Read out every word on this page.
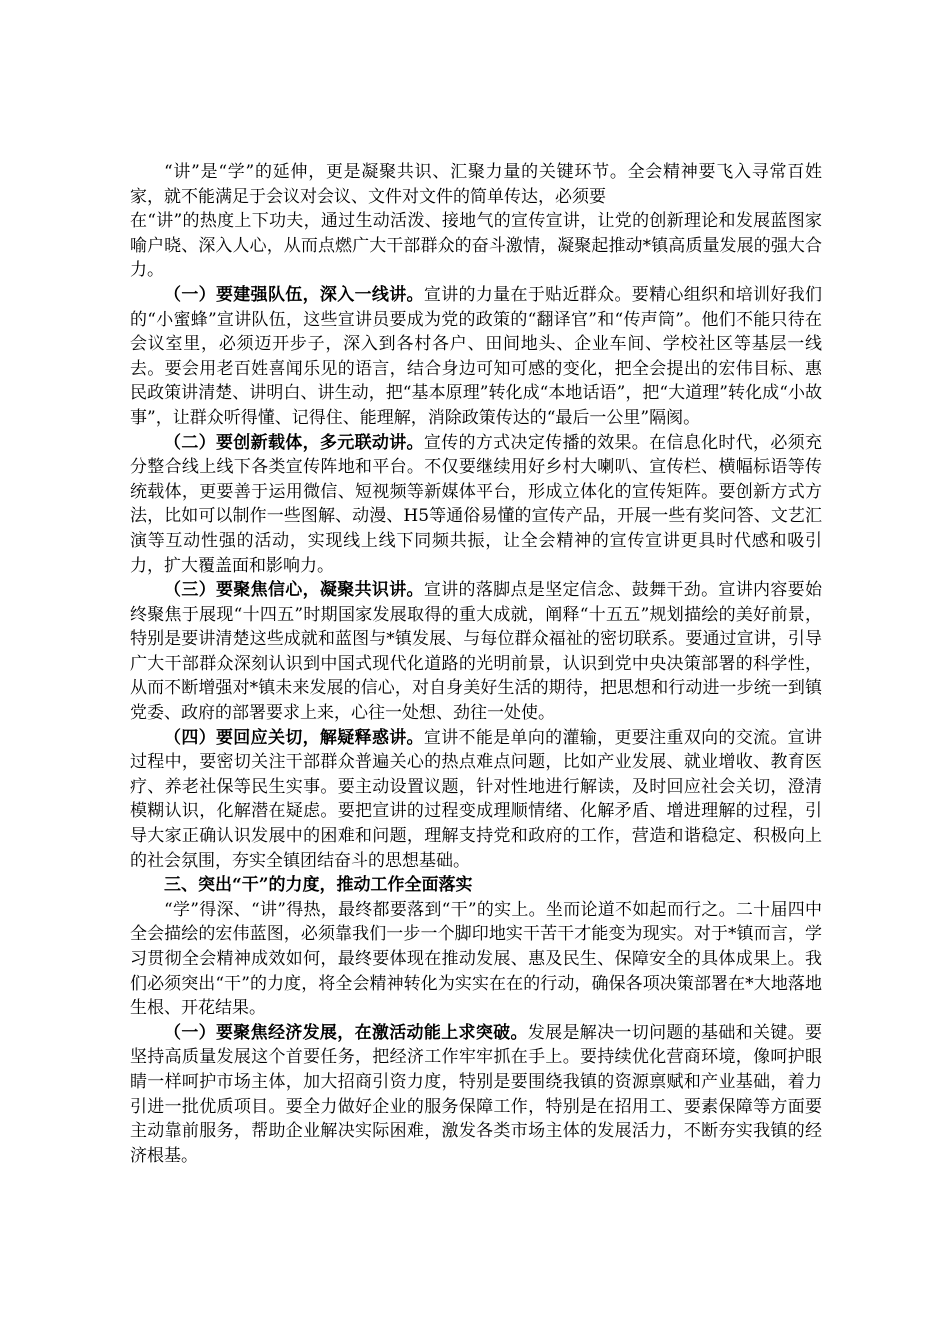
“讲”是“学”的延伸，更是凝聚共识、汇聚力量的关键环节。全会精神要飞入寻常百姓家，就不能满足于会议对会议、文件对文件的简单传达，必须要

在“讲”的热度上下功夫，通过生动活泼、接地气的宣传宣讲，让党的创新理论和发展蓝图家喻户晓、深入人心，从而点燃广大干部群众的奋斗激情，凝聚起推动*镇高质量发展的强大合力。

（一）要建强队伍，深入一线讲。宣讲的力量在于贴近群众。要精心组织和培训好我们的“小蜜蜂”宣讲队伍，这些宣讲员要成为党的政策的“翻译官”和“传声筒”。他们不能只待在会议室里，必须迈开步子，深入到各村各户、田间地头、企业车间、学校社区等基层一线去。要会用老百姓喜闻乐见的语言，结合身边可知可感的变化，把全会提出的宏伟目标、惠民政策讲清楚、讲明白、讲生动，把“基本原理”转化成“本地话语”，把“大道理”转化成“小故事”，让群众听得懂、记得住、能理解，消除政策传达的“最后一公里”隔阂。

（二）要创新载体，多元联动讲。宣传的方式决定传播的效果。在信息化时代，必须充分整合线上线下各类宣传阵地和平台。不仅要继续用好乡村大喇叭、宣传栏、横幅标语等传统载体，更要善于运用微信、短视频等新媒体平台，形成立体化的宣传矩阵。要创新方式方法，比如可以制作一些图解、动漫、H5等通俗易懂的宣传产品，开展一些有奖问答、文艺汇演等互动性强的活动，实现线上线下同频共振，让全会精神的宣传宣讲更具时代感和吸引力，扩大覆盖面和影响力。

（三）要聚焦信心，凝聚共识讲。宣讲的落脚点是坚定信念、鼓舞干劲。宣讲内容要始终聚焦于展现“十四五”时期国家发展取得的重大成就，阐释“十五五”规划描绘的美好前景，特别是要讲清楚这些成就和蓝图与*镇发展、与每位群众福祉的密切联系。要通过宣讲，引导广大干部群众深刻认识到中国式现代化道路的光明前景，认识到党中央决策部署的科学性，从而不断增强对*镇未来发展的信心，对自身美好生活的期待，把思想和行动进一步统一到镇党委、政府的部署要求上来，心往一处想、劲往一处使。

（四）要回应关切，解疑释惑讲。宣讲不能是单向的灌输，更要注重双向的交流。宣讲过程中，要密切关注干部群众普遍关心的热点难点问题，比如产业发展、就业增收、教育医疗、养老社保等民生实事。要主动设置议题，针对性地进行解读，及时回应社会关切，澄清模糊认识，化解潜在疑虑。要把宣讲的过程变成理顺情绪、化解矛盾、增进理解的过程，引导大家正确认识发展中的困难和问题，理解支持党和政府的工作，营造和谐稳定、积极向上的社会氛围，夯实全镇团结奋斗的思想基础。

三、突出“干”的力度，推动工作全面落实

“学”得深、“讲”得热，最终都要落到“干”的实上。坐而论道不如起而行之。二十届四中全会描绘的宏伟蓝图，必须靠我们一步一个脚印地实干苦干才能变为现实。对于*镇而言，学习贯彻全会精神成效如何，最终要体现在推动发展、惠及民生、保障安全的具体成果上。我们必须突出“干”的力度，将全会精神转化为实实在在的行动，确保各项决策部署在*大地落地生根、开花结果。

（一）要聚焦经济发展，在激活动能上求突破。发展是解决一切问题的基础和关键。要坚持高质量发展这个首要任务，把经济工作牢牢抓在手上。要持续优化营商环境，像呵护眼睛一样呵护市场主体，加大招商引资力度，特别是要围绕我镇的资源禀赋和产业基础，着力引进一批优质项目。要全力做好企业的服务保障工作，特别是在招用工、要素保障等方面要主动靠前服务，帮助企业解决实际困难，激发各类市场主体的发展活力，不断夯实我镇的经济根基。
